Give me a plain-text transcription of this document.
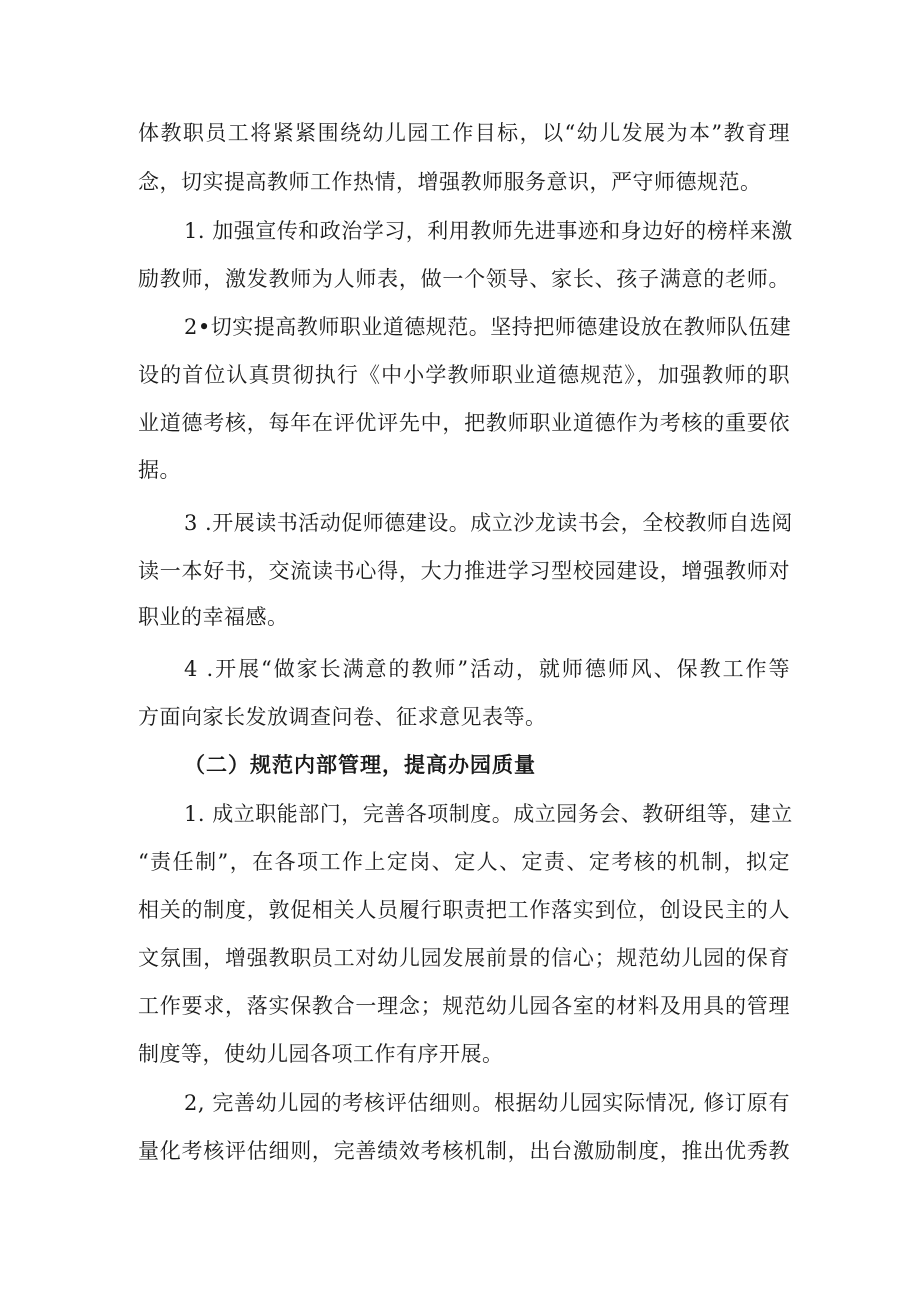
体教职员工将紧紧围绕幼儿园工作目标，以“幼儿发展为本”教育理
念，切实提高教师工作热情，增强教师服务意识，严守师德规范。
1. 加强宣传和政治学习，利用教师先进事迹和身边好的榜样来激
励教师，激发教师为人师表，做一个领导、家长、孩子满意的老师。
2•切实提高教师职业道德规范。坚持把师德建设放在教师队伍建
设的首位认真贯彻执行《中小学教师职业道德规范》，加强教师的职
业道德考核，每年在评优评先中，把教师职业道德作为考核的重要依
据。
3 .开展读书活动促师德建设。成立沙龙读书会，全校教师自选阅
读一本好书，交流读书心得，大力推进学习型校园建设，增强教师对
职业的幸福感。
4 .开展“做家长满意的教师”活动，就师德师风、保教工作等
方面向家长发放调查问卷、征求意见表等。
（二）规范内部管理，提高办园质量
1. 成立职能部门，完善各项制度。成立园务会、教研组等，建立
“责任制”，在各项工作上定岗、定人、定责、定考核的机制，拟定
相关的制度，敦促相关人员履行职责把工作落实到位，创设民主的人
文氛围，增强教职员工对幼儿园发展前景的信心；规范幼儿园的保育
工作要求，落实保教合一理念；规范幼儿园各室的材料及用具的管理
制度等，使幼儿园各项工作有序开展。
2, 完善幼儿园的考核评估细则。根据幼儿园实际情况, 修订原有
量化考核评估细则，完善绩效考核机制，出台激励制度，推出优秀教
